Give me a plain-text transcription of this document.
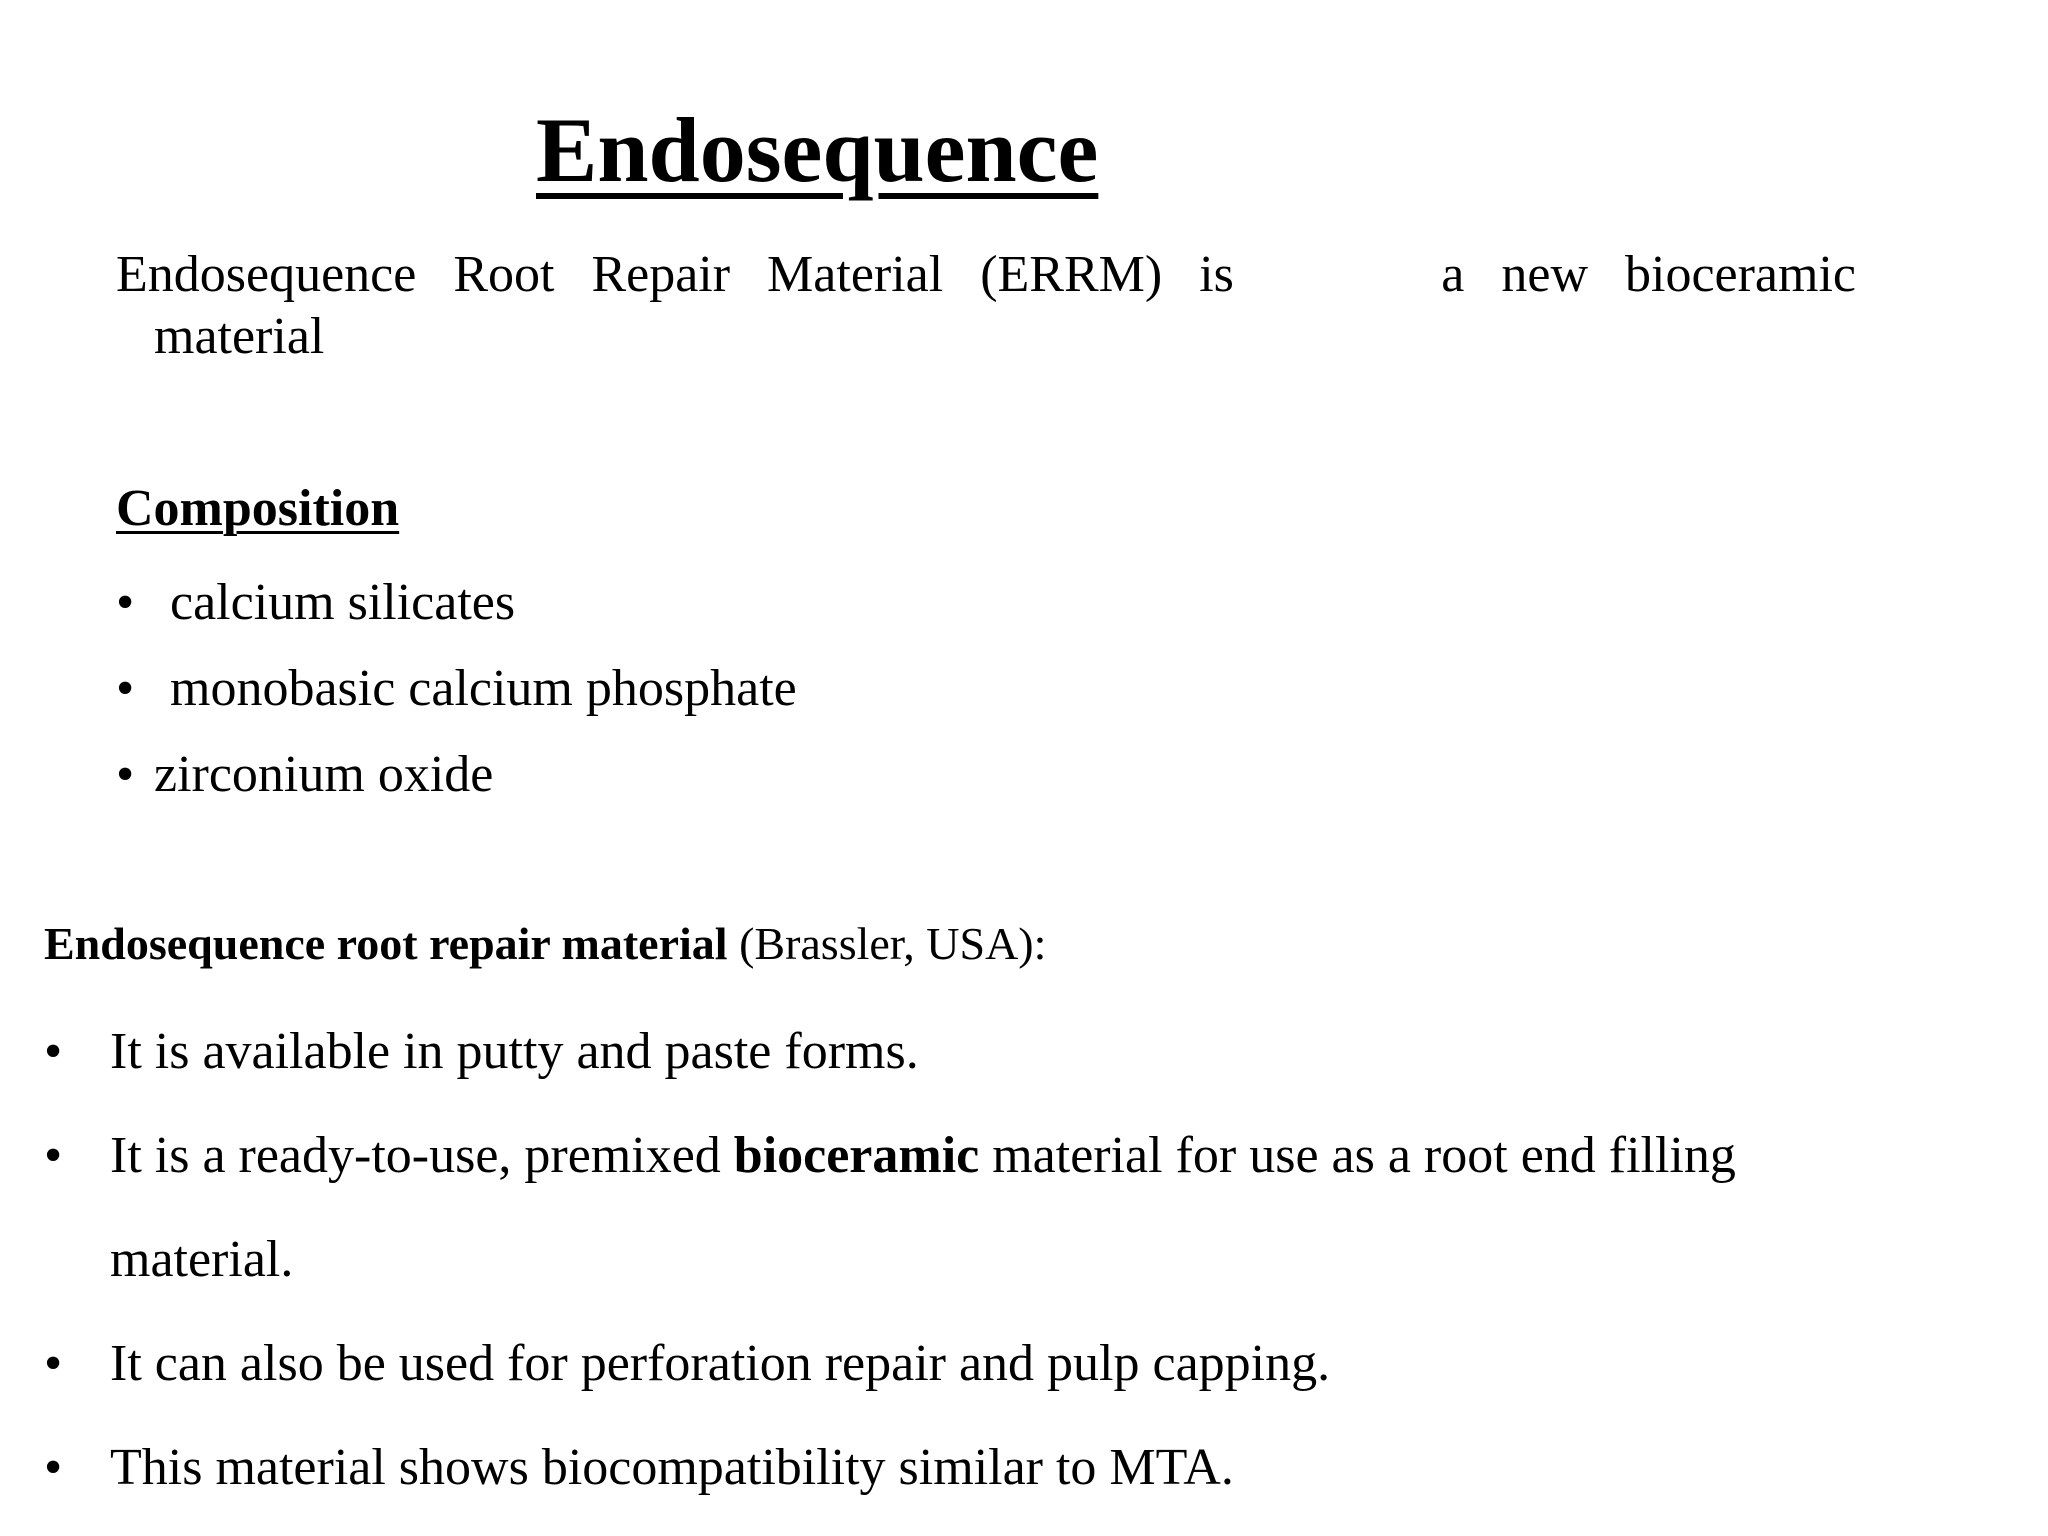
Endosequence
Endosequence Root Repair Material (ERRM) is	a new bioceramic
material
Composition
• calcium silicates
• monobasic calcium phosphate
• zirconium oxide
Endosequence root repair material (Brassler, USA):
• It is available in putty and paste forms.
• It is a ready-to-use, premixed bioceramic material for use as a root end filling
material.
• It can also be used for perforation repair and pulp capping.
• This material shows biocompatibility similar to MTA.
